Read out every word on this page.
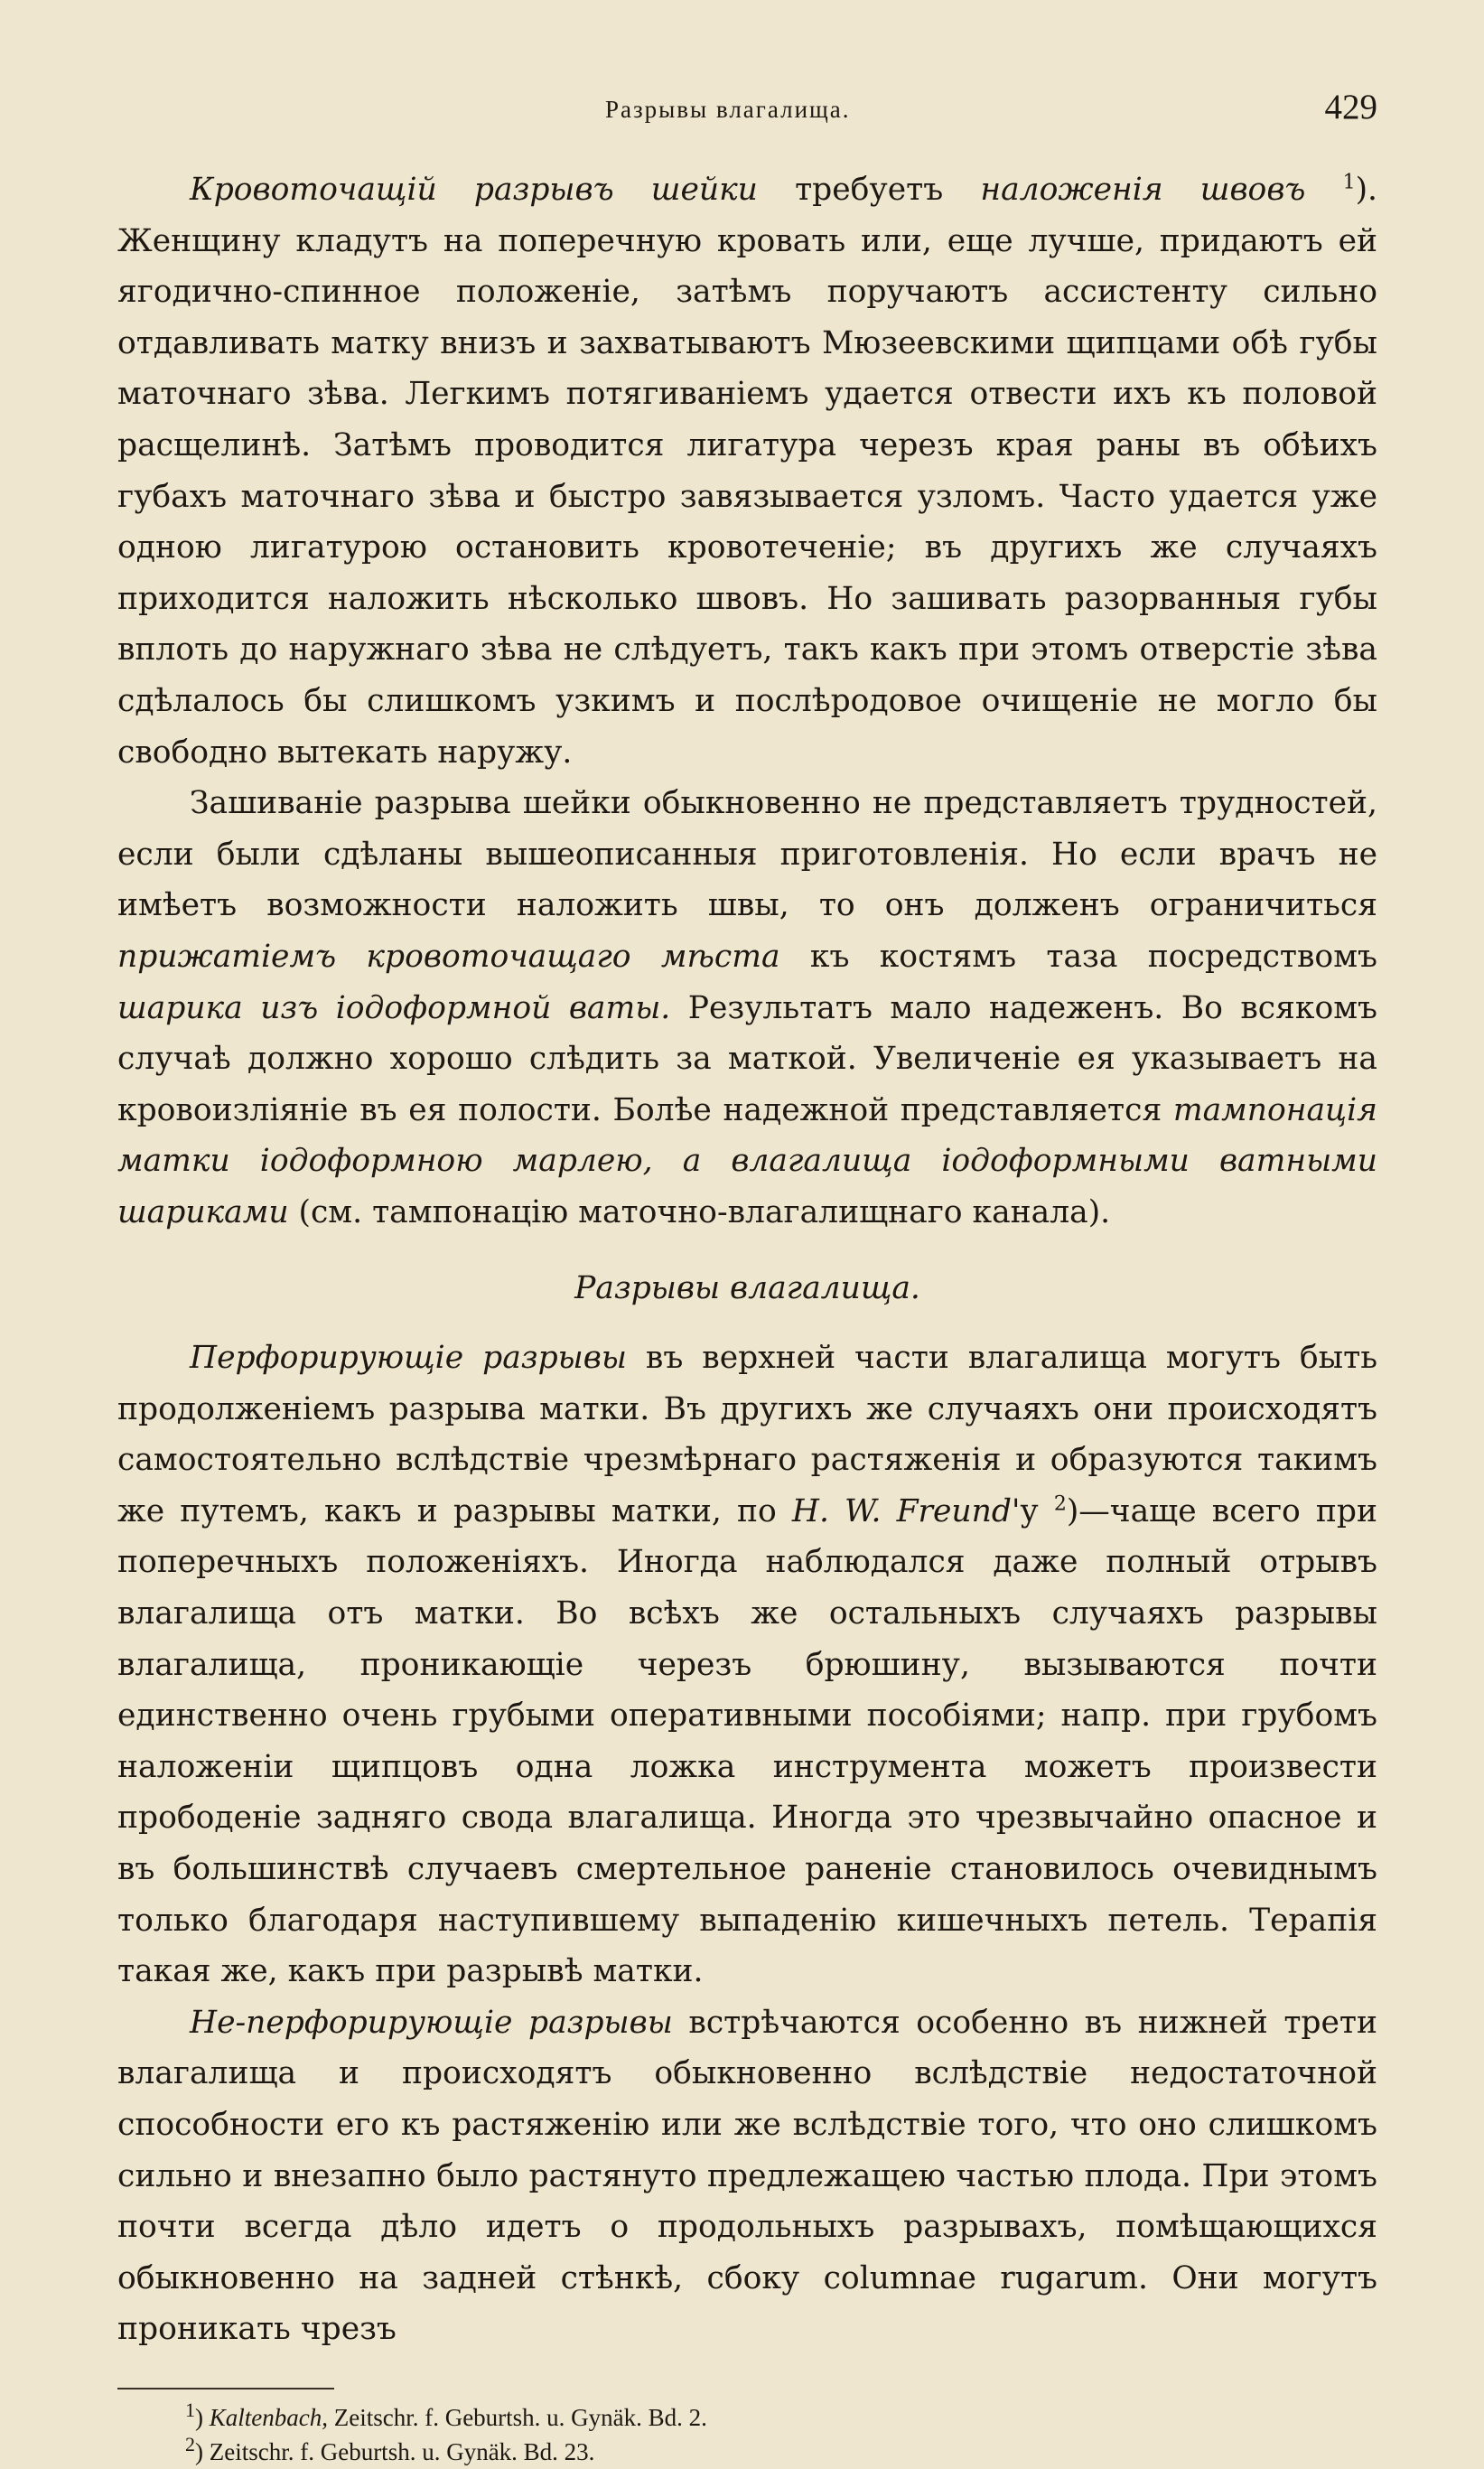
Разрывы влагалища.	429

Кровоточащій разрывъ шейки требуетъ наложенія швовъ $^1$). Женщину кладутъ на поперечную кровать или, еще лучше, придаютъ ей ягодично-спинное положеніе, затѣмъ поручаютъ ассистенту сильно отдавливать матку внизъ и захватываютъ Мюзеевскими щипцами обѣ губы маточнаго зѣва. Легкимъ потягиваніемъ удается отвести ихъ къ половой расщелинѣ. Затѣмъ проводится лигатура черезъ края раны въ обѣихъ губахъ маточнаго зѣва и быстро завязывается узломъ. Часто удается уже одною лигатурою остановить кровотеченіе; въ другихъ же случаяхъ приходится наложить нѣсколько швовъ. Но зашивать разорванныя губы вплоть до наружнаго зѣва не слѣдуетъ, такъ какъ при этомъ отверстіе зѣва сдѣлалось бы слишкомъ узкимъ и послѣродовое очищеніе не могло бы свободно вытекать наружу.

Зашиваніе разрыва шейки обыкновенно не представляетъ трудностей, если были сдѣланы вышеописанныя приготовленія. Но если врачъ не имѣетъ возможности наложить швы, то онъ долженъ ограничиться прижатіемъ кровоточащаго мѣста къ костямъ таза посредствомъ шарика изъ іодоформной ваты. Результатъ мало надеженъ. Во всякомъ случаѣ должно хорошо слѣдить за маткой. Увеличеніе ея указываетъ на кровоизліяніе въ ея полости. Болѣе надежной представляется тампонація матки іодоформною марлею, а влагалища іодоформными ватными шариками (см. тампонацію маточно-влагалищнаго канала).

Разрывы влагалища.

Перфорирующіе разрывы въ верхней части влагалища могутъ быть продолженіемъ разрыва матки. Въ другихъ же случаяхъ они происходятъ самостоятельно вслѣдствіе чрезмѣрнаго растяженія и образуются такимъ же путемъ, какъ и разрывы матки, по H. W. Freund'у $^2$)—чаще всего при поперечныхъ положеніяхъ. Иногда наблюдался даже полный отрывъ влагалища отъ матки. Во всѣхъ же остальныхъ случаяхъ разрывы влагалища, проникающіе черезъ брюшину, вызываются почти единственно очень грубыми оперативными пособіями; напр. при грубомъ наложеніи щипцовъ одна ложка инструмента можетъ произвести прободеніе задняго свода влагалища. Иногда это чрезвычайно опасное и въ большинствѣ случаевъ смертельное раненіе становилось очевиднымъ только благодаря наступившему выпаденію кишечныхъ петель. Терапія такая же, какъ при разрывѣ матки.

Не-перфорирующіе разрывы встрѣчаются особенно въ нижней трети влагалища и происходятъ обыкновенно вслѣдствіе недостаточной способности его къ растяженію или же вслѣдствіе того, что оно слишкомъ сильно и внезапно было растянуто предлежащею частью плода. При этомъ почти всегда дѣло идетъ о продольныхъ разрывахъ, помѣщающихся обыкновенно на задней стѣнкѣ, сбоку columnae rugarum. Они могутъ проникать чрезъ

$^1$) Kaltenbach, Zeitschr. f. Geburtsh. u. Gynäk. Bd. 2.

$^2$) Zeitschr. f. Geburtsh. u. Gynäk. Bd. 23.
